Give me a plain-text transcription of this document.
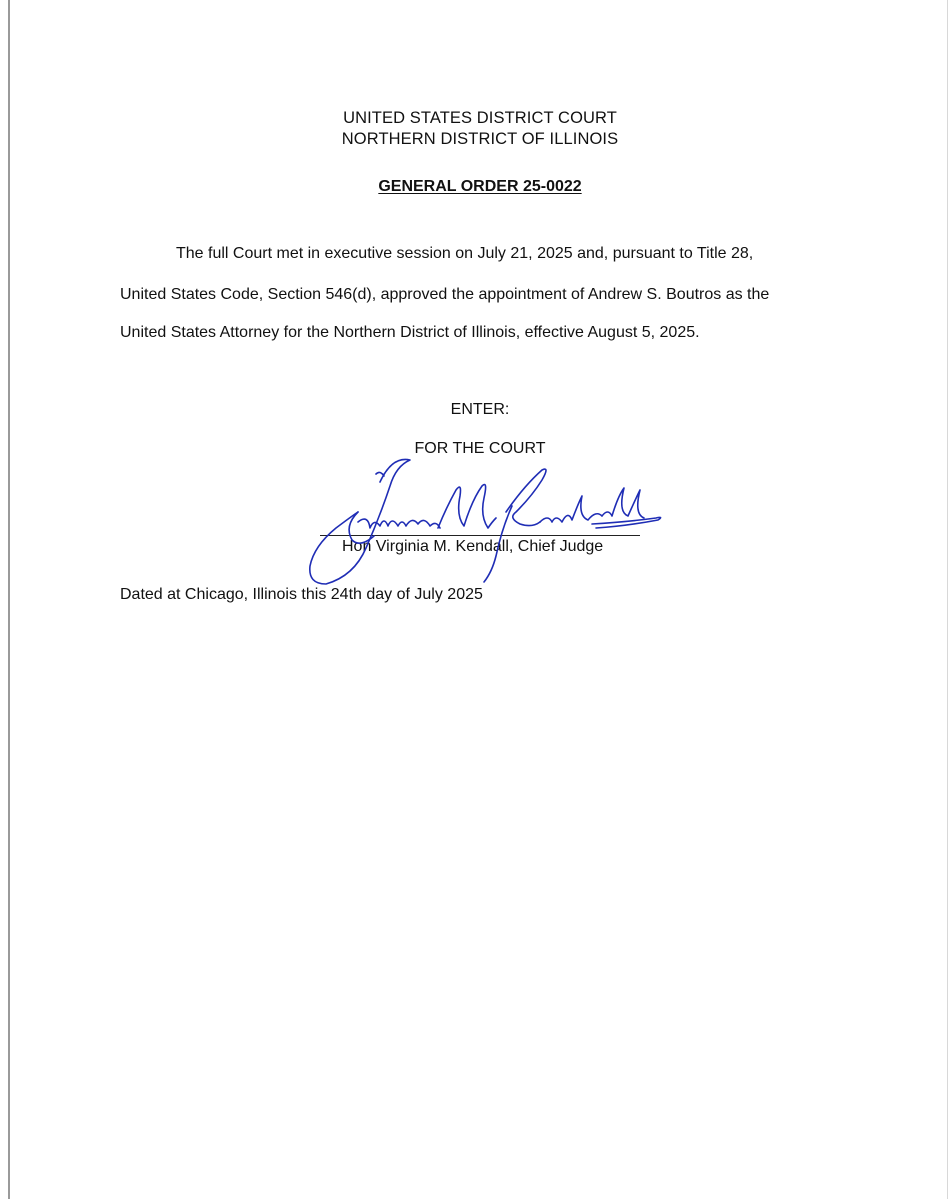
UNITED STATES DISTRICT COURT
NORTHERN DISTRICT OF ILLINOIS
GENERAL ORDER 25-0022
The full Court met in executive session on July 21, 2025 and, pursuant to Title 28,
United States Code, Section 546(d), approved the appointment of Andrew S. Boutros as the
United States Attorney for the Northern District of Illinois, effective August 5, 2025.
ENTER:
FOR THE COURT
Hon Virginia M. Kendall, Chief Judge
Dated at Chicago, Illinois this 24th day of July 2025
